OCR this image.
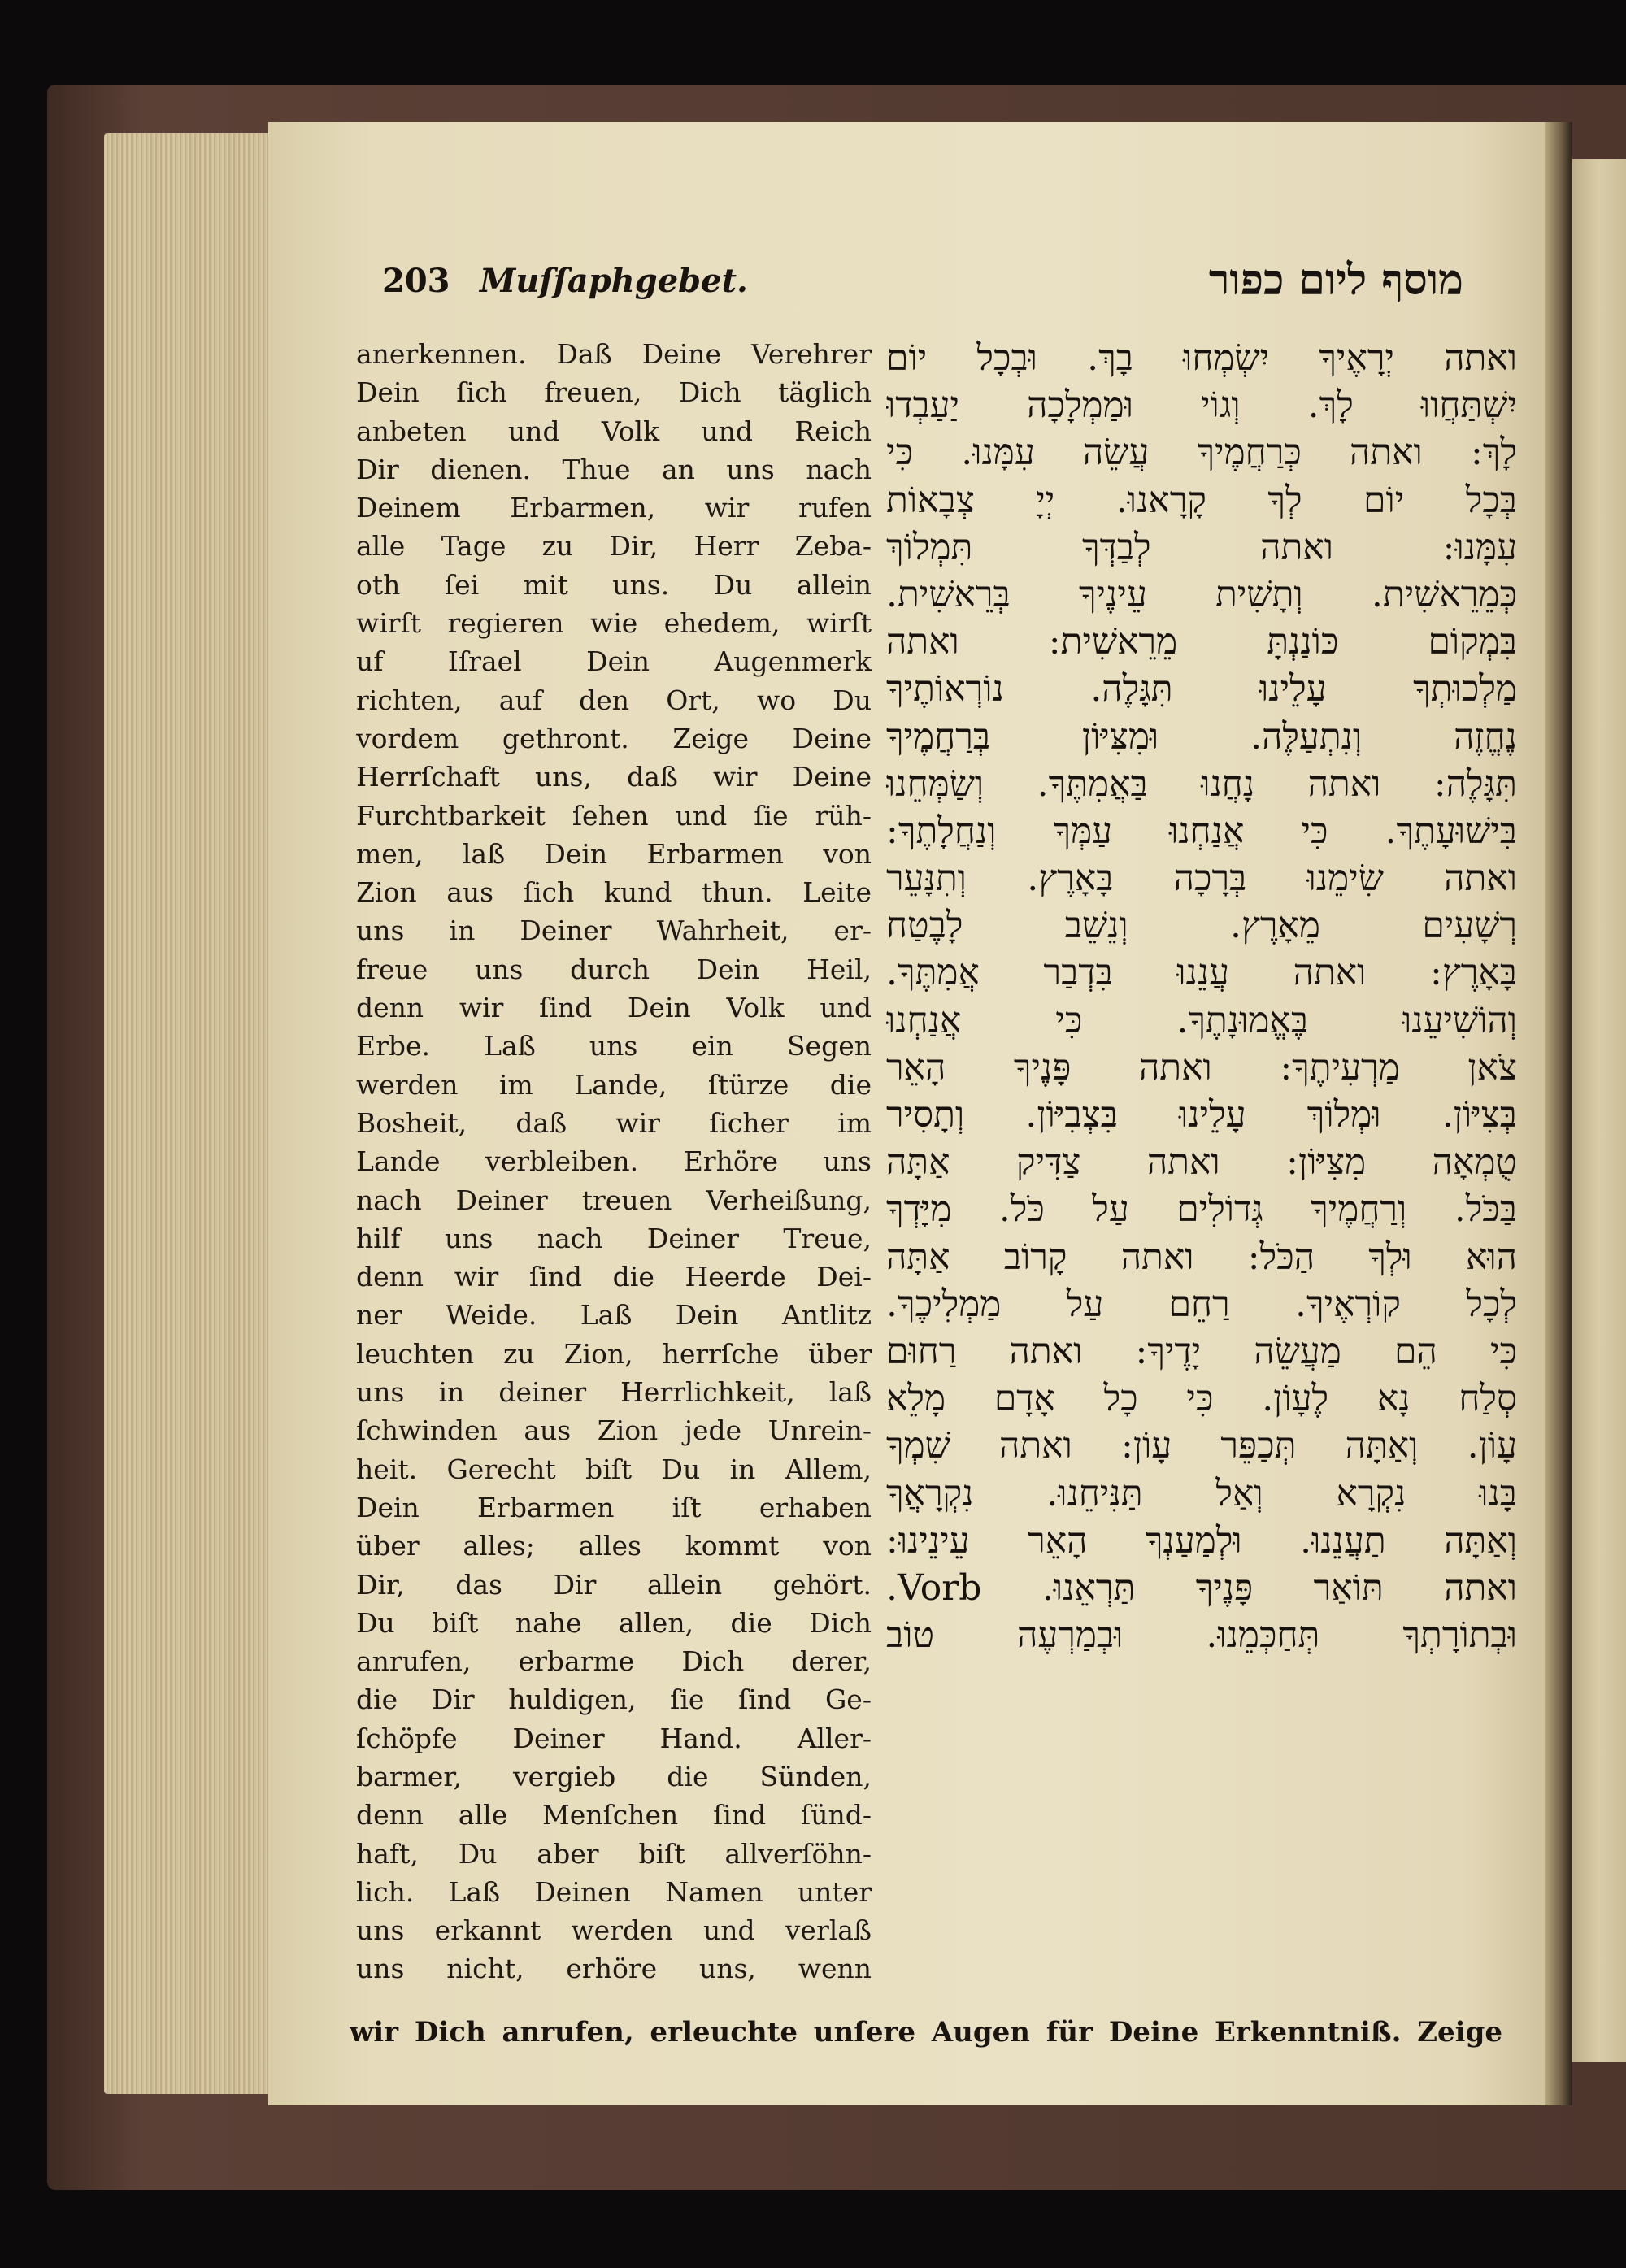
203 Muſſaphgebet.	מוסף ליום כפור
anerkennen. Daß Deine Verehrer
Dein ſich freuen, Dich täglich
anbeten und Volk und Reich
Dir dienen. Thue an uns nach
Deinem Erbarmen, wir rufen
alle Tage zu Dir, Herr Zeba-
oth ſei mit uns. Du allein
wirſt regieren wie ehedem, wirſt
uf Iſrael Dein Augenmerk
richten, auf den Ort, wo Du
vordem gethront. Zeige Deine
Herrſchaft uns, daß wir Deine
Furchtbarkeit ſehen und ſie rüh-
men, laß Dein Erbarmen von
Zion aus ſich kund thun. Leite
uns in Deiner Wahrheit, er-
freue uns durch Dein Heil,
denn wir ſind Dein Volk und
Erbe. Laß uns ein Segen
werden im Lande, ſtürze die
Bosheit, daß wir ſicher im
Lande verbleiben. Erhöre uns
nach Deiner treuen Verheißung,
hilf uns nach Deiner Treue,
denn wir ſind die Heerde Dei-
ner Weide. Laß Dein Antlitz
leuchten zu Zion, herrſche über
uns in deiner Herrlichkeit, laß
ſchwinden aus Zion jede Unrein-
heit. Gerecht biſt Du in Allem,
Dein Erbarmen iſt erhaben
über alles; alles kommt von
Dir, das Dir allein gehört.
Du biſt nahe allen, die Dich
anrufen, erbarme Dich derer,
die Dir huldigen, ſie ſind Ge-
ſchöpfe Deiner Hand. Aller-
barmer, vergieb die Sünden,
denn alle Menſchen ſind ſünd-
haft, Du aber biſt allverſöhn-
lich. Laß Deinen Namen unter
uns erkannt werden und verlaß
uns nicht, erhöre uns, wenn
ואתה יְרָאֶיךָ יִשְׂמְחוּ בָךְ. וּבְכָל יוֹם
יִשְׁתַּחֲווּ לָךְ. וְגוֹי וּמַמְלָכָה יַעַבְדוּ
לָךְ: ואתה כְּרַחֲמֶיךָ עֲשֵׂה עִמָּנוּ. כִּי
בְּכָל יוֹם לְךָ קָרָאנוּ. יְיָ צְבָאוֹת
עִמָּנוּ: ואתה לְבַדְּךָ תִּמְלוֹךְ
כְּמֵרֵאשִׁית. וְתָשִׁית עֵינֶיךָ בְּרֵאשִׁית.
בִּמְקוֹם כּוֹנַנְתָּ מֵרֵאשִׁית: ואתה
מַלְכוּתְךָ עָלֵינוּ תִּגָּלֶה. נוֹרְאוֹתֶיךָ
נֶחֱזֶה וְנִתְעַלֶּה. וּמִצִּיּוֹן בְּרַחֲמֶיךָ
תִּגָּלֶה: ואתה נָחֲנוּ בַּאֲמִתֶּךָ. וְשַׂמְּחֵנוּ
בִּישׁוּעָתֶךָ. כִּי אֲנַחְנוּ עַמְּךָ וְנַחֲלָתֶךָ:
ואתה שִׂימֵנוּ בְּרָכָה בָּאָרֶץ. וְתִנָּעֵר
רְשָׁעִים מֵאָרֶץ. וְנֵשֵׁב לָבֶטַח
בָּאָרֶץ: ואתה עֲנֵנוּ בִּדְבַר אֲמִתֶּךָ.
וְהוֹשִׁיעֵנוּ בֶּאֱמוּנָתֶךָ. כִּי אֲנַחְנוּ
צֹאן מַרְעִיתֶךָ: ואתה פָּנֶיךָ הָאֵר
בְּצִיּוֹן. וּמְלוֹךְ עָלֵינוּ בִּצְבִיּוֹן. וְתָסִיר
טֻמְאָה מִצִּיּוֹן: ואתה צַדִּיק אַתָּה
בַּכֹּל. וְרַחֲמֶיךָ גְּדוֹלִים עַל כֹּל. מִיָּדְךָ
הוּא וּלְךָ הַכֹּל: ואתה קָרוֹב אַתָּה
לְכָל קוֹרְאֶיךָ. רַחֵם עַל מַמְלִיכֶךָ.
כִּי הֵם מַעֲשֵׂה יָדֶיךָ: ואתה רַחוּם
סְלַח נָא לֶעָוֹן. כִּי כָל אָדָם מָלֵא
עָוֹן. וְאַתָּה תְּכַפֵּר עָוֹן: ואתה שִׁמְךָ
בָּנוּ נִקְרָא וְאַל תַּנִּיחֵנוּ. נִקְרָאֲךָ
וְאַתָּה תַעֲנֵנוּ. וּלְמַעַנְךָ הָאֵר עֵינֵינוּ:
ואתה תּוֹאַר פָּנֶיךָ תַּרְאֵנוּ. Vorb.
וּבְתוֹרָתְךָ תְּחַכְּמֵנוּ. וּבְמַרְעֶה טוֹב
wir Dich anrufen, erleuchte unſere Augen für Deine Erkenntniß. Zeige
